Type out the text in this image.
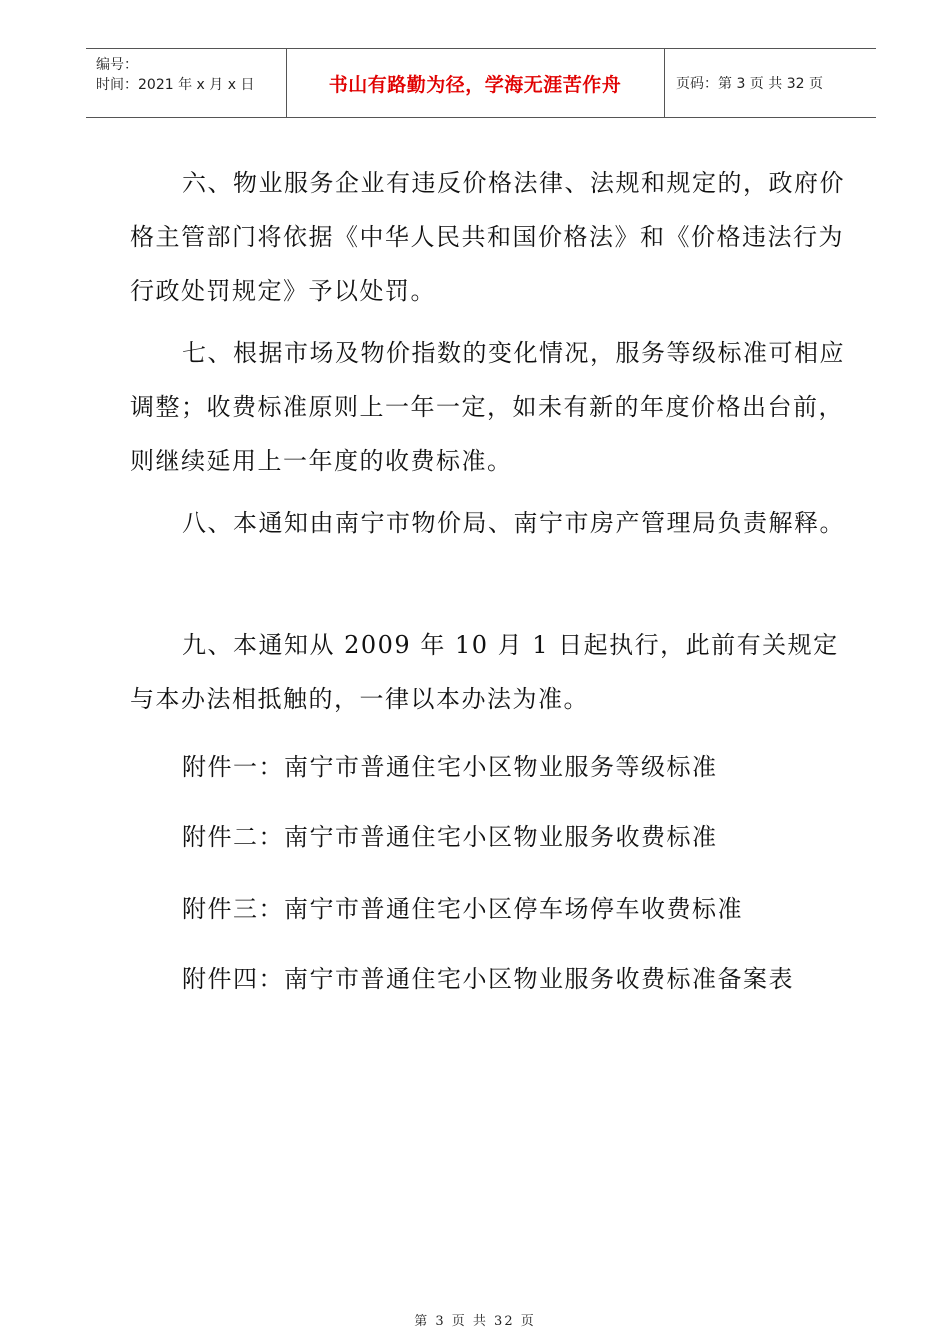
编号：
时间：2021 年 x 月 x 日	书山有路勤为径，学海无涯苦作舟	页码：第 3 页 共 32 页

六、物业服务企业有违反价格法律、法规和规定的，政府价格主管部门将依据《中华人民共和国价格法》和《价格违法行为行政处罚规定》予以处罚。

七、根据市场及物价指数的变化情况，服务等级标准可相应调整；收费标准原则上一年一定，如未有新的年度价格出台前，则继续延用上一年度的收费标准。

八、本通知由南宁市物价局、南宁市房产管理局负责解释。

九、本通知从 2009 年 10 月 1 日起执行，此前有关规定与本办法相抵触的，一律以本办法为准。

附件一：南宁市普通住宅小区物业服务等级标准

附件二：南宁市普通住宅小区物业服务收费标准

附件三：南宁市普通住宅小区停车场停车收费标准

附件四：南宁市普通住宅小区物业服务收费标准备案表

第 3 页 共 32 页
